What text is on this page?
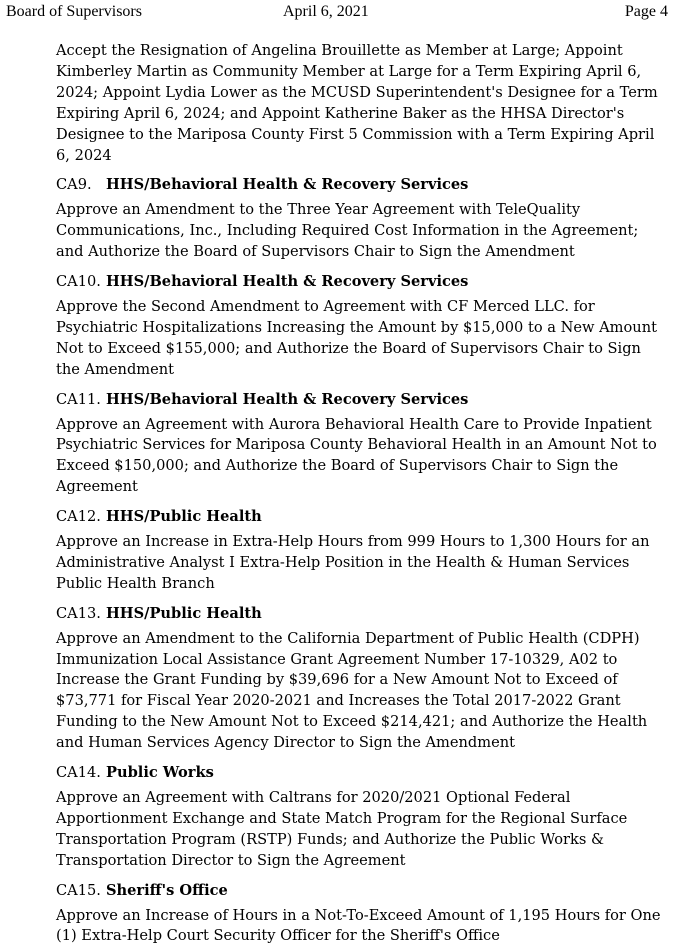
Board of Supervisors	April 6, 2021	Page 4

Accept the Resignation of Angelina Brouillette as Member at Large; Appoint Kimberley Martin as Community Member at Large for a Term Expiring April 6, 2024; Appoint Lydia Lower as the MCUSD Superintendent's Designee for a Term Expiring April 6, 2024; and Appoint Katherine Baker as the HHSA Director's Designee to the Mariposa County First 5 Commission with a Term Expiring April 6, 2024

CA9. HHS/Behavioral Health & Recovery Services

Approve an Amendment to the Three Year Agreement with TeleQuality Communications, Inc., Including Required Cost Information in the Agreement; and Authorize the Board of Supervisors Chair to Sign the Amendment

CA10. HHS/Behavioral Health & Recovery Services

Approve the Second Amendment to Agreement with CF Merced LLC. for Psychiatric Hospitalizations Increasing the Amount by $15,000 to a New Amount Not to Exceed $155,000; and Authorize the Board of Supervisors Chair to Sign the Amendment

CA11. HHS/Behavioral Health & Recovery Services

Approve an Agreement with Aurora Behavioral Health Care to Provide Inpatient Psychiatric Services for Mariposa County Behavioral Health in an Amount Not to Exceed $150,000; and Authorize the Board of Supervisors Chair to Sign the Agreement

CA12. HHS/Public Health

Approve an Increase in Extra-Help Hours from 999 Hours to 1,300 Hours for an Administrative Analyst I Extra-Help Position in the Health & Human Services Public Health Branch

CA13. HHS/Public Health

Approve an Amendment to the California Department of Public Health (CDPH) Immunization Local Assistance Grant Agreement Number 17-10329, A02 to Increase the Grant Funding by $39,696 for a New Amount Not to Exceed of $73,771 for Fiscal Year 2020-2021 and Increases the Total 2017-2022 Grant Funding to the New Amount Not to Exceed $214,421; and Authorize the Health and Human Services Agency Director to Sign the Amendment

CA14. Public Works

Approve an Agreement with Caltrans for 2020/2021 Optional Federal Apportionment Exchange and State Match Program for the Regional Surface Transportation Program (RSTP) Funds; and Authorize the Public Works & Transportation Director to Sign the Agreement

CA15. Sheriff's Office

Approve an Increase of Hours in a Not-To-Exceed Amount of 1,195 Hours for One (1) Extra-Help Court Security Officer for the Sheriff's Office
